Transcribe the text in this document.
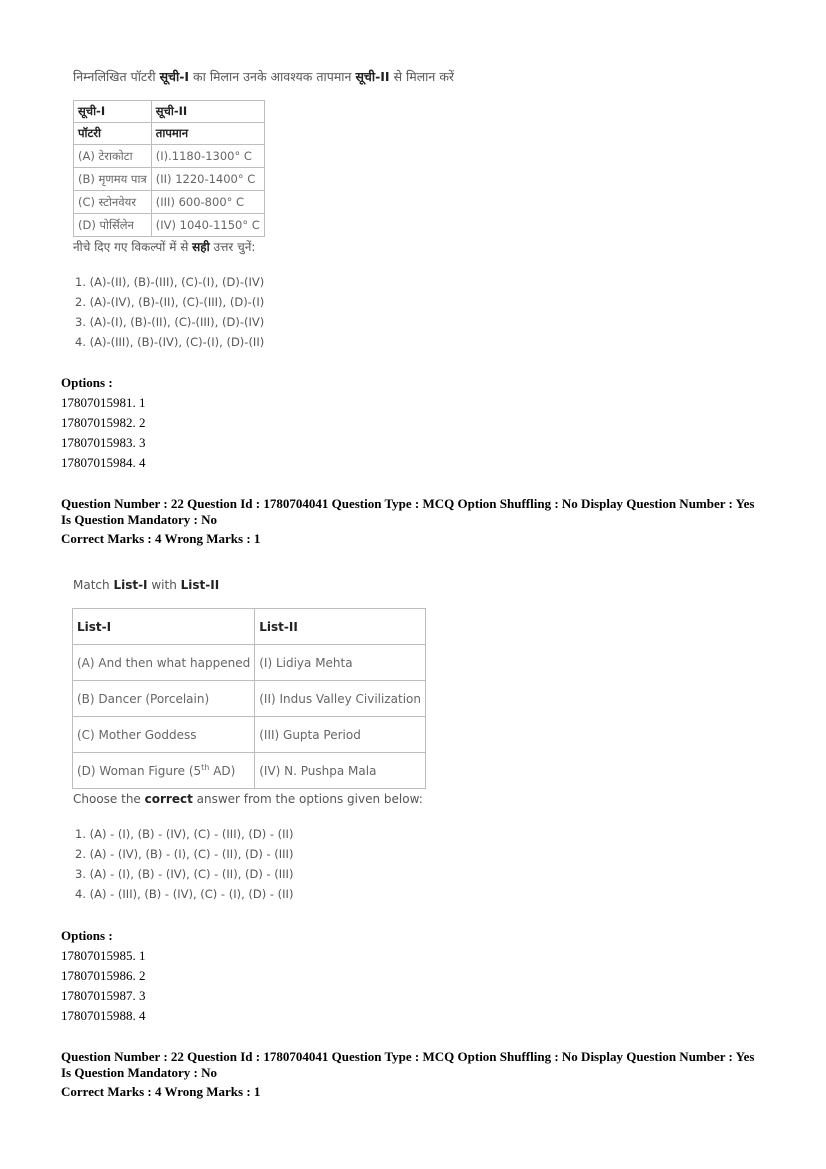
निम्नलिखित पॉटरी सूची-I का मिलान उनके आवश्यक तापमान सूची-II से मिलान करें
सूची-I	सूची-II
पॉटरी	तापमान
(A) टेराकोटा	(I).1180-1300° C
(B) मृणमय पात्र	(II) 1220-1400° C
(C) स्टोनवेयर	(III) 600-800° C
(D) पोर्सिलेन	(IV) 1040-1150° C
नीचे दिए गए विकल्पों में से सही उत्तर चुनें:
1. (A)-(II), (B)-(III), (C)-(I), (D)-(IV)
2. (A)-(IV), (B)-(II), (C)-(III), (D)-(I)
3. (A)-(I), (B)-(II), (C)-(III), (D)-(IV)
4. (A)-(III), (B)-(IV), (C)-(I), (D)-(II)
Options :
17807015981. 1
17807015982. 2
17807015983. 3
17807015984. 4
Question Number : 22 Question Id : 1780704041 Question Type : MCQ Option Shuffling : No Display Question Number : Yes
Is Question Mandatory : No
Correct Marks : 4 Wrong Marks : 1
Match List-I with List-II
List-I	List-II
(A) And then what happened	(I) Lidiya Mehta
(B) Dancer (Porcelain)	(II) Indus Valley Civilization
(C) Mother Goddess	(III) Gupta Period
(D) Woman Figure (5th AD)	(IV) N. Pushpa Mala
Choose the correct answer from the options given below:
1. (A) - (I), (B) - (IV), (C) - (III), (D) - (II)
2. (A) - (IV), (B) - (I), (C) - (II), (D) - (III)
3. (A) - (I), (B) - (IV), (C) - (II), (D) - (III)
4. (A) - (III), (B) - (IV), (C) - (I), (D) - (II)
Options :
17807015985. 1
17807015986. 2
17807015987. 3
17807015988. 4
Question Number : 22 Question Id : 1780704041 Question Type : MCQ Option Shuffling : No Display Question Number : Yes
Is Question Mandatory : No
Correct Marks : 4 Wrong Marks : 1
